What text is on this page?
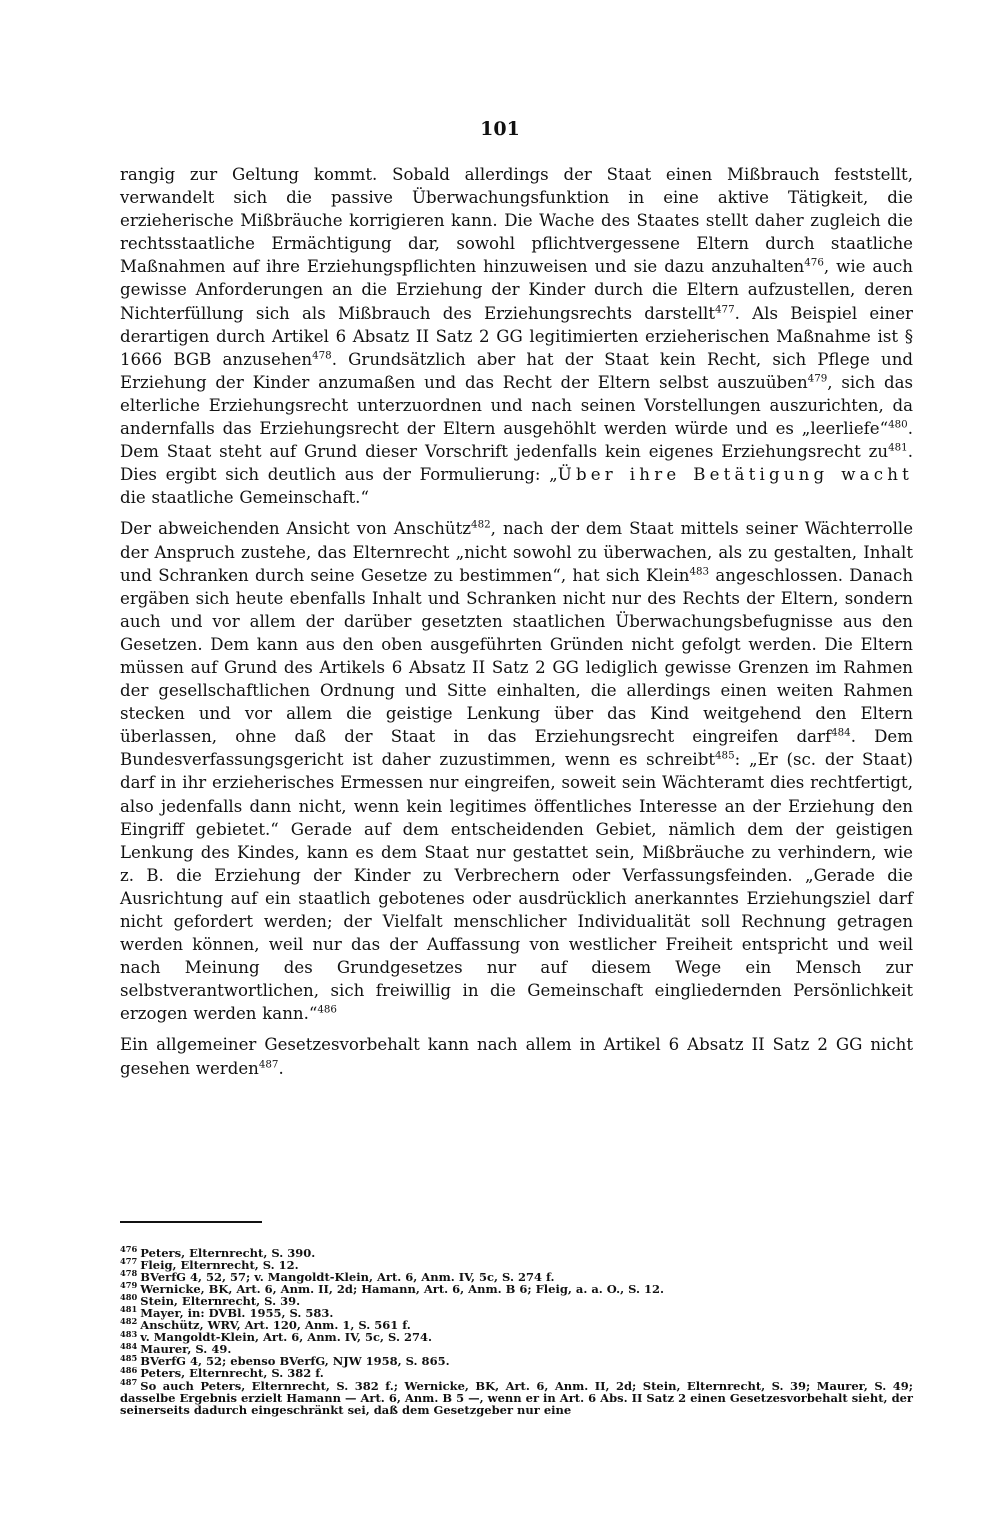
101

rangig zur Geltung kommt. Sobald allerdings der Staat einen Mißbrauch feststellt, verwandelt sich die passive Überwachungsfunktion in eine aktive Tätigkeit, die erzieherische Mißbräuche korrigieren kann. Die Wache des Staates stellt daher zugleich die rechtsstaatliche Ermächtigung dar, sowohl pflichtvergessene Eltern durch staatliche Maßnahmen auf ihre Erziehungspflichten hinzuweisen und sie dazu anzuhalten$^{476}$, wie auch gewisse Anforderungen an die Erziehung der Kinder durch die Eltern aufzustellen, deren Nichterfüllung sich als Mißbrauch des Erziehungsrechts darstellt$^{477}$. Als Beispiel einer derartigen durch Artikel 6 Absatz II Satz 2 GG legitimierten erzieherischen Maßnahme ist § 1666 BGB anzusehen$^{478}$. Grundsätzlich aber hat der Staat kein Recht, sich Pflege und Erziehung der Kinder anzumaßen und das Recht der Eltern selbst auszuüben$^{479}$, sich das elterliche Erziehungsrecht unterzuordnen und nach seinen Vorstellungen auszurichten, da andernfalls das Erziehungsrecht der Eltern ausgehöhlt werden würde und es „leerliefe“$^{480}$. Dem Staat steht auf Grund dieser Vorschrift jedenfalls kein eigenes Erziehungsrecht $zu^{481}$. Dies ergibt sich deutlich aus der Formulierung: „Über ihre Betätigung wacht die staatliche Gemeinschaft.“

Der abweichenden Ansicht von Anschütz$^{482}$, nach der dem Staat mittels seiner Wächterrolle der Anspruch zustehe, das Elternrecht „nicht sowohl zu überwachen, als zu gestalten, Inhalt und Schranken durch seine Gesetze zu bestimmen“, hat sich Klein$^{483}$ angeschlossen. Danach ergäben sich heute ebenfalls Inhalt und Schranken nicht nur des Rechts der Eltern, sondern auch und vor allem der darüber gesetzten staatlichen Überwachungsbefugnisse aus den Gesetzen. Dem kann aus den oben ausgeführten Gründen nicht gefolgt werden. Die Eltern müssen auf Grund des Artikels 6 Absatz II Satz 2 GG lediglich gewisse Grenzen im Rahmen der gesellschaftlichen Ordnung und Sitte einhalten, die allerdings einen weiten Rahmen stecken und vor allem die geistige Lenkung über das Kind weitgehend den Eltern überlassen, ohne daß der Staat in das Erziehungsrecht eingreifen darf$^{484}$. Dem Bundesverfassungsgericht ist daher zuzustimmen, wenn es schreibt$^{485}$: „Er (sc. der Staat) darf in ihr erzieherisches Ermessen nur eingreifen, soweit sein Wächteramt dies rechtfertigt, also jedenfalls dann nicht, wenn kein legitimes öffentliches Interesse an der Erziehung den Eingriff gebietet.“ Gerade auf dem entscheidenden Gebiet, nämlich dem der geistigen Lenkung des Kindes, kann es dem Staat nur gestattet sein, Mißbräuche zu verhindern, wie z. B. die Erziehung der Kinder zu Verbrechern oder Verfassungsfeinden. „Gerade die Ausrichtung auf ein staatlich gebotenes oder ausdrücklich anerkanntes Erziehungsziel darf nicht gefordert werden; der Vielfalt menschlicher Individualität soll Rechnung getragen werden können, weil nur das der Auffassung von westlicher Freiheit entspricht und weil nach Meinung des Grundgesetzes nur auf diesem Wege ein Mensch zur selbstverantwortlichen, sich freiwillig in die Gemeinschaft eingliedernden Persönlichkeit erzogen werden kann.“$^{486}$

Ein allgemeiner Gesetzesvorbehalt kann nach allem in Artikel 6 Absatz II Satz 2 GG nicht gesehen werden$^{487}$.

$^{476}$ Peters, Elternrecht, S. 390.

$^{477}$ Fleig, Elternrecht, S. 12.

$^{478}$ BVerfG 4, 52, 57; v. Mangoldt-Klein, Art. 6, Anm. IV, 5c, S. 274 f.

$^{479}$ Wernicke, BK, Art. 6, Anm. II, 2d; Hamann, Art. 6, Anm. B 6; Fleig, a. a. O., S. 12.

$^{480}$ Stein, Elternrecht, S. 39.

$^{481}$ Mayer, in: DVBl. 1955, S. 583.

$^{482}$ Anschütz, WRV, Art. 120, Anm. 1, S. 561 f.

$^{483}$ v. Mangoldt-Klein, Art. 6, Anm. IV, 5c, S. 274.

$^{484}$ Maurer, S. 49.

$^{485}$ BVerfG 4, 52; ebenso BVerfG, NJW 1958, S. 865.

$^{486}$ Peters, Elternrecht, S. 382 f.

$^{487}$ So auch Peters, Elternrecht, S. 382 f.; Wernicke, BK, Art. 6, Anm. II, 2d; Stein, Elternrecht, S. 39; Maurer, S. 49; dasselbe Ergebnis erzielt Hamann — Art. 6, Anm. B 5 —, wenn er in Art. 6 Abs. II Satz 2 einen Gesetzesvorbehalt sieht, der seinerseits dadurch eingeschränkt sei, daß dem Gesetzgeber nur eine
